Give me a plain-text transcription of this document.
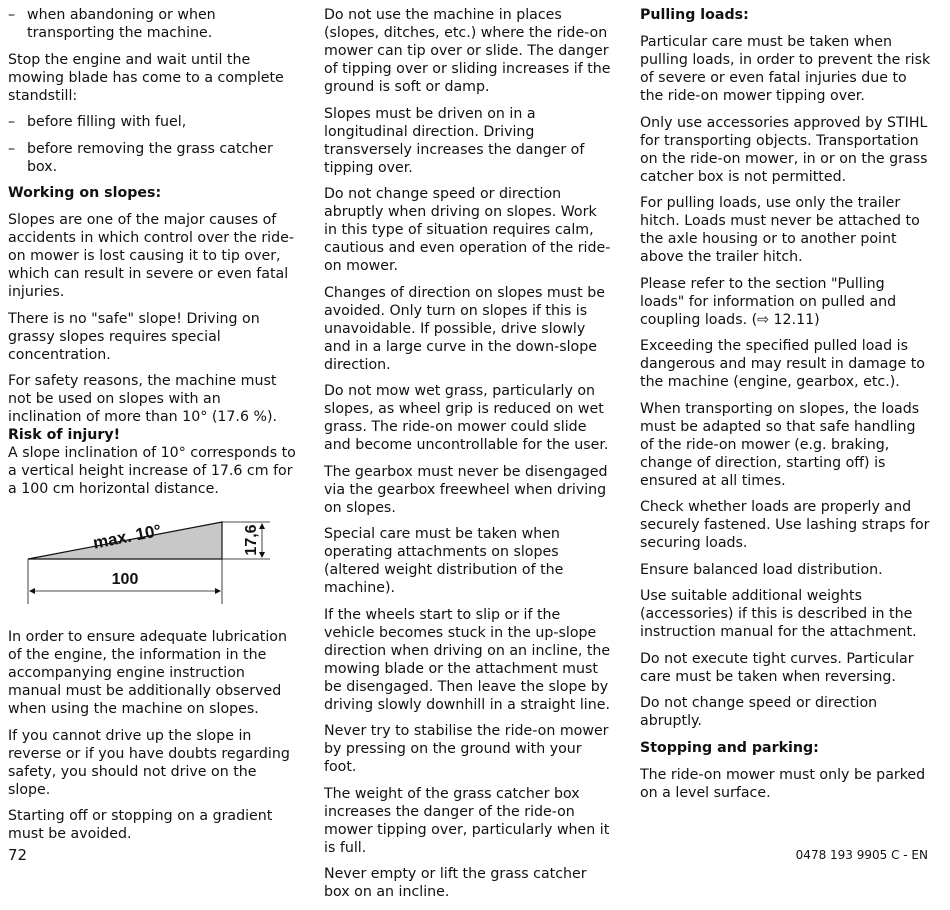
– when abandoning or when transporting the machine.

Stop the engine and wait until the mowing blade has come to a complete standstill:

– before filling with fuel,
– before removing the grass catcher box.
Working on slopes:

Slopes are one of the major causes of accidents in which control over the ride-on mower is lost causing it to tip over, which can result in severe or even fatal injuries.

There is no "safe" slope! Driving on grassy slopes requires special concentration.

For safety reasons, the machine must not be used on slopes with an inclination of more than 10° (17.6 %). Risk of injury!
A slope inclination of 10° corresponds to a vertical height increase of 17.6 cm for a 100 cm horizontal distance.

max. 10°	17,6
100

In order to ensure adequate lubrication of the engine, the information in the accompanying engine instruction manual must be additionally observed when using the machine on slopes.

If you cannot drive up the slope in reverse or if you have doubts regarding safety, you should not drive on the slope.

Starting off or stopping on a gradient must be avoided.

Do not use the machine in places (slopes, ditches, etc.) where the ride-on mower can tip over or slide. The danger of tipping over or sliding increases if the ground is soft or damp.

Slopes must be driven on in a longitudinal direction. Driving transversely increases the danger of tipping over.

Do not change speed or direction abruptly when driving on slopes. Work in this type of situation requires calm, cautious and even operation of the ride-on mower.

Changes of direction on slopes must be avoided. Only turn on slopes if this is unavoidable. If possible, drive slowly and in a large curve in the down-slope direction.

Do not mow wet grass, particularly on slopes, as wheel grip is reduced on wet grass. The ride-on mower could slide and become uncontrollable for the user.

The gearbox must never be disengaged via the gearbox freewheel when driving on slopes.

Special care must be taken when operating attachments on slopes (altered weight distribution of the machine).

If the wheels start to slip or if the vehicle becomes stuck in the up-slope direction when driving on an incline, the mowing blade or the attachment must be disengaged. Then leave the slope by driving slowly downhill in a straight line.

Never try to stabilise the ride-on mower by pressing on the ground with your foot.

The weight of the grass catcher box increases the danger of the ride-on mower tipping over, particularly when it is full.

Never empty or lift the grass catcher box on an incline.

Pulling loads:

Particular care must be taken when pulling loads, in order to prevent the risk of severe or even fatal injuries due to the ride-on mower tipping over.

Only use accessories approved by STIHL for transporting objects. Transportation on the ride-on mower, in or on the grass catcher box is not permitted.

For pulling loads, use only the trailer hitch. Loads must never be attached to the axle housing or to another point above the trailer hitch.

Please refer to the section "Pulling loads" for information on pulled and coupling loads. (⇨ 12.11)

Exceeding the specified pulled load is dangerous and may result in damage to the machine (engine, gearbox, etc.).

When transporting on slopes, the loads must be adapted so that safe handling of the ride-on mower (e.g. braking, change of direction, starting off) is ensured at all times.

Check whether loads are properly and securely fastened. Use lashing straps for securing loads.

Ensure balanced load distribution.

Use suitable additional weights (accessories) if this is described in the instruction manual for the attachment.

Do not execute tight curves. Particular care must be taken when reversing.

Do not change speed or direction abruptly.

Stopping and parking:

The ride-on mower must only be parked on a level surface.

72	0478 193 9905 C - EN
